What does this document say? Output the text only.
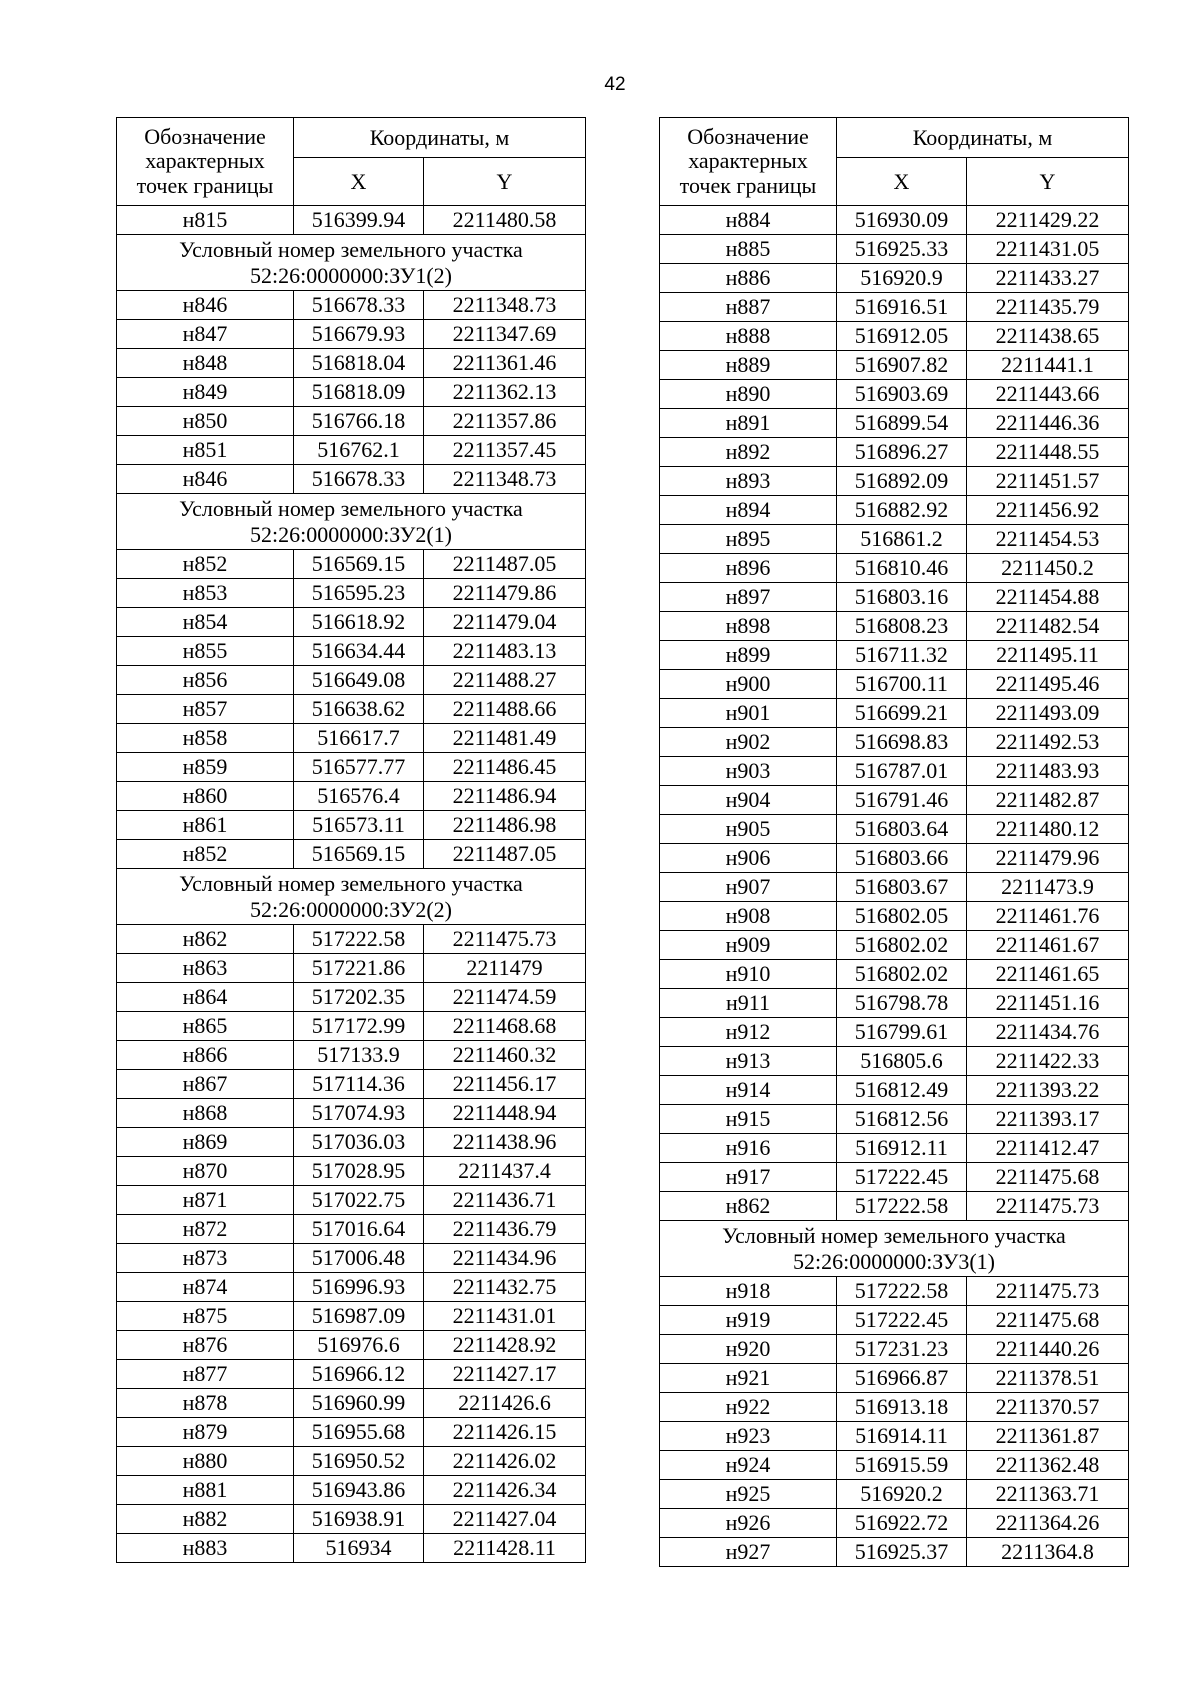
42
Обозначение
характерных
точек границы	Координаты, м	
	X	Y
н815	516399.94	2211480.58
Условный номер земельного участка
52:26:0000000:ЗУ1(2)		
н846	516678.33	2211348.73
н847	516679.93	2211347.69
н848	516818.04	2211361.46
н849	516818.09	2211362.13
н850	516766.18	2211357.86
н851	516762.1	2211357.45
н846	516678.33	2211348.73
Условный номер земельного участка
52:26:0000000:ЗУ2(1)		
н852	516569.15	2211487.05
н853	516595.23	2211479.86
н854	516618.92	2211479.04
н855	516634.44	2211483.13
н856	516649.08	2211488.27
н857	516638.62	2211488.66
н858	516617.7	2211481.49
н859	516577.77	2211486.45
н860	516576.4	2211486.94
н861	516573.11	2211486.98
н852	516569.15	2211487.05
Условный номер земельного участка
52:26:0000000:ЗУ2(2)		
н862	517222.58	2211475.73
н863	517221.86	2211479
н864	517202.35	2211474.59
н865	517172.99	2211468.68
н866	517133.9	2211460.32
н867	517114.36	2211456.17
н868	517074.93	2211448.94
н869	517036.03	2211438.96
н870	517028.95	2211437.4
н871	517022.75	2211436.71
н872	517016.64	2211436.79
н873	517006.48	2211434.96
н874	516996.93	2211432.75
н875	516987.09	2211431.01
н876	516976.6	2211428.92
н877	516966.12	2211427.17
н878	516960.99	2211426.6
н879	516955.68	2211426.15
н880	516950.52	2211426.02
н881	516943.86	2211426.34
н882	516938.91	2211427.04
н883	516934	2211428.11
Обозначение
характерных
точек границы	Координаты, м	
	X	Y
н884	516930.09	2211429.22
н885	516925.33	2211431.05
н886	516920.9	2211433.27
н887	516916.51	2211435.79
н888	516912.05	2211438.65
н889	516907.82	2211441.1
н890	516903.69	2211443.66
н891	516899.54	2211446.36
н892	516896.27	2211448.55
н893	516892.09	2211451.57
н894	516882.92	2211456.92
н895	516861.2	2211454.53
н896	516810.46	2211450.2
н897	516803.16	2211454.88
н898	516808.23	2211482.54
н899	516711.32	2211495.11
н900	516700.11	2211495.46
н901	516699.21	2211493.09
н902	516698.83	2211492.53
н903	516787.01	2211483.93
н904	516791.46	2211482.87
н905	516803.64	2211480.12
н906	516803.66	2211479.96
н907	516803.67	2211473.9
н908	516802.05	2211461.76
н909	516802.02	2211461.67
н910	516802.02	2211461.65
н911	516798.78	2211451.16
н912	516799.61	2211434.76
н913	516805.6	2211422.33
н914	516812.49	2211393.22
н915	516812.56	2211393.17
н916	516912.11	2211412.47
н917	517222.45	2211475.68
н862	517222.58	2211475.73
Условный номер земельного участка
52:26:0000000:ЗУ3(1)		
н918	517222.58	2211475.73
н919	517222.45	2211475.68
н920	517231.23	2211440.26
н921	516966.87	2211378.51
н922	516913.18	2211370.57
н923	516914.11	2211361.87
н924	516915.59	2211362.48
н925	516920.2	2211363.71
н926	516922.72	2211364.26
н927	516925.37	2211364.8
